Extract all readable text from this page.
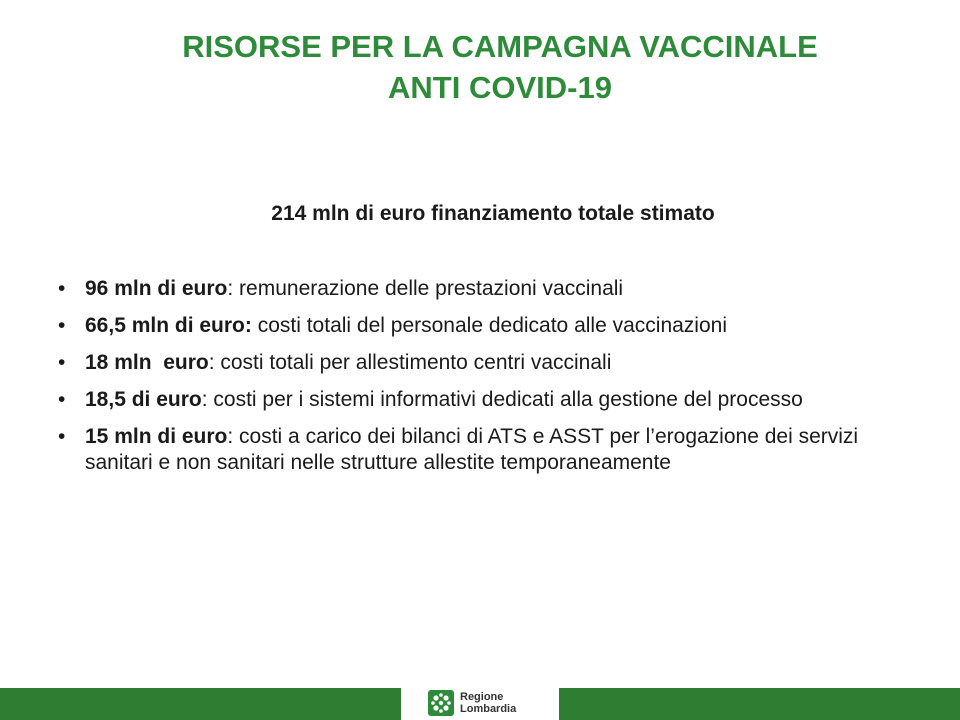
RISORSE PER LA CAMPAGNA VACCINALE
ANTI COVID-19

214 mln di euro finanziamento totale stimato

• 96 mln di euro: remunerazione delle prestazioni vaccinali
• 66,5 mln di euro: costi totali del personale dedicato alle vaccinazioni
• 18 mln  euro: costi totali per allestimento centri vaccinali
• 18,5 di euro: costi per i sistemi informativi dedicati alla gestione del processo
• 15 mln di euro: costi a carico dei bilanci di ATS e ASST per l’erogazione dei servizi sanitari e non sanitari nelle strutture allestite temporaneamente
Regione
Lombardia
